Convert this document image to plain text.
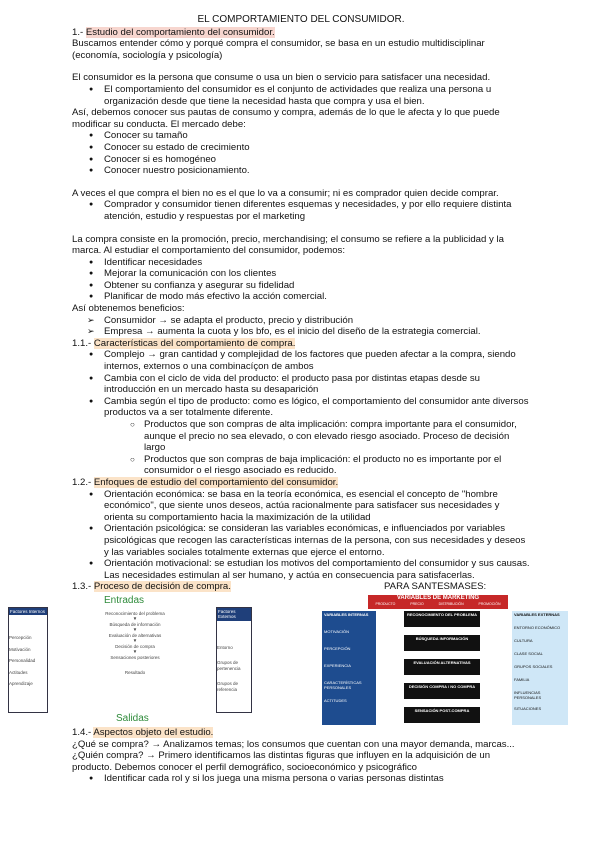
EL COMPORTAMIENTO DEL CONSUMIDOR.

1.- Estudio del comportamiento del consumidor.

Buscamos entender cómo y porqué compra el consumidor, se basa en un estudio multidisciplinar (economía, sociología y psicología)

El consumidor es la persona que consume o usa un bien o servicio para satisfacer una necesidad.

● El comportamiento del consumidor es el conjunto de actividades que realiza una persona u organización desde que tiene la necesidad hasta que compra y usa el bien.

Así, debemos conocer sus pautas de consumo y compra, además de lo que le afecta y lo que puede modificar su conducta. El mercado debe:

● Conocer su tamaño

● Conocer su estado de crecimiento

● Conocer si es homogéneo

● Conocer nuestro posicionamiento.

A veces el que compra el bien no es el que lo va a consumir; ni es comprador quien decide comprar.

● Comprador y consumidor tienen diferentes esquemas y necesidades, y por ello requiere distinta atención, estudio y respuestas por el marketing

La compra consiste en la promoción, precio, merchandising; el consumo se refiere a la publicidad y la marca. Al estudiar el comportamiento del consumidor, podemos:

● Identificar necesidades

● Mejorar la comunicación con los clientes

● Obtener su confianza y asegurar su fidelidad

● Planificar de modo más efectivo la acción comercial.

Así obtenemos beneficios:

➢ Consumidor → se adapta el producto, precio y distribución

➢ Empresa → aumenta la cuota y los bfo, es el inicio del diseño de la estrategia comercial.

1.1.- Características del comportamiento de compra.

● Complejo → gran cantidad y complejidad de los factores que pueden afectar a la compra, siendo internos, externos o una combinacíçon de ambos

● Cambia con el ciclo de vida del producto: el producto pasa por distintas etapas desde su introducción en un mercado hasta su desaparición

● Cambia según el tipo de producto: como es lógico, el comportamiento del consumidor ante diversos productos va a ser totalmente diferente.

○ Productos que son compras de alta implicación: compra importante para el consumidor, aunque el precio no sea elevado, o con elevado riesgo asociado. Proceso de decisión largo

○ Productos que son compras de baja implicación: el producto no es importante por el consumidor o el riesgo asociado es reducido.

1.2.- Enfoques de estudio del comportamiento del consumidor.

● Orientación económica: se basa en la teoría económica, es esencial el concepto de "hombre económico", que siente unos deseos, actúa racionalmente para satisfacer sus necesidades y orienta su comportamiento hacia la maximización de la utilidad

● Orientación psicológica: se consideran las variables económicas, e influenciados por variables psicológicas que recogen las características internas de la persona, con sus necesidades y deseos y las variables sociales totalmente externas que ejerce el entorno.

● Orientación motivacional: se estudian los motivos del comportamiento del consumidor y sus causas. Las necesidades estimulan al ser humano, y actúa en consecuencia para satisfacerlas.

1.3.- Proceso de decisión de compra.	PARA SANTESMASES:

Entradas
Factores Internos
Percepción
Motivación
Personalidad
Actitudes
Aprendizaje
Factores Externos
Entorno
Grupos de pertenencia
Grupos de referencia
Reconocimiento del problema
▼
Búsqueda de información
▼
Evaluación de alternativas
▼
Decisión de compra
▼
Sensaciones posteriores
Resultado
Salidas
VARIABLES DE MARKETING
PRODUCTO	PRECIO	DISTRIBUCIÓN	PROMOCIÓN
VARIABLES INTERNAS
MOTIVACIÓN
PERCEPCIÓN
EXPERIENCIA
CARACTERÍSTICAS PERSONALES
ACTITUDES
RECONOCIMIENTO DEL PROBLEMA
BÚSQUEDA INFORMACIÓN
EVALUACIÓN ALTERNATIVAS
DECISIÓN COMPRA / NO COMPRA
SENSACIÓN POST-COMPRA
VARIABLES EXTERNAS
ENTORNO ECONÓMICO
CULTURA
CLASE SOCIAL
GRUPOS SOCIALES
FAMILIA
INFLUENCIAS PERSONALES
SITUACIONES

1.4.- Aspectos objeto del estudio.

¿Qué se compra? → Analizamos temas; los consumos que cuentan con una mayor demanda, marcas...

¿Quién compra? → Primero identificamos las distintas figuras que influyen en la adquisición de un producto. Debemos conocer el perfil demográfico, socioeconómico y psicográfico

● Identificar cada rol y si los juega una misma persona o varias personas distintas
